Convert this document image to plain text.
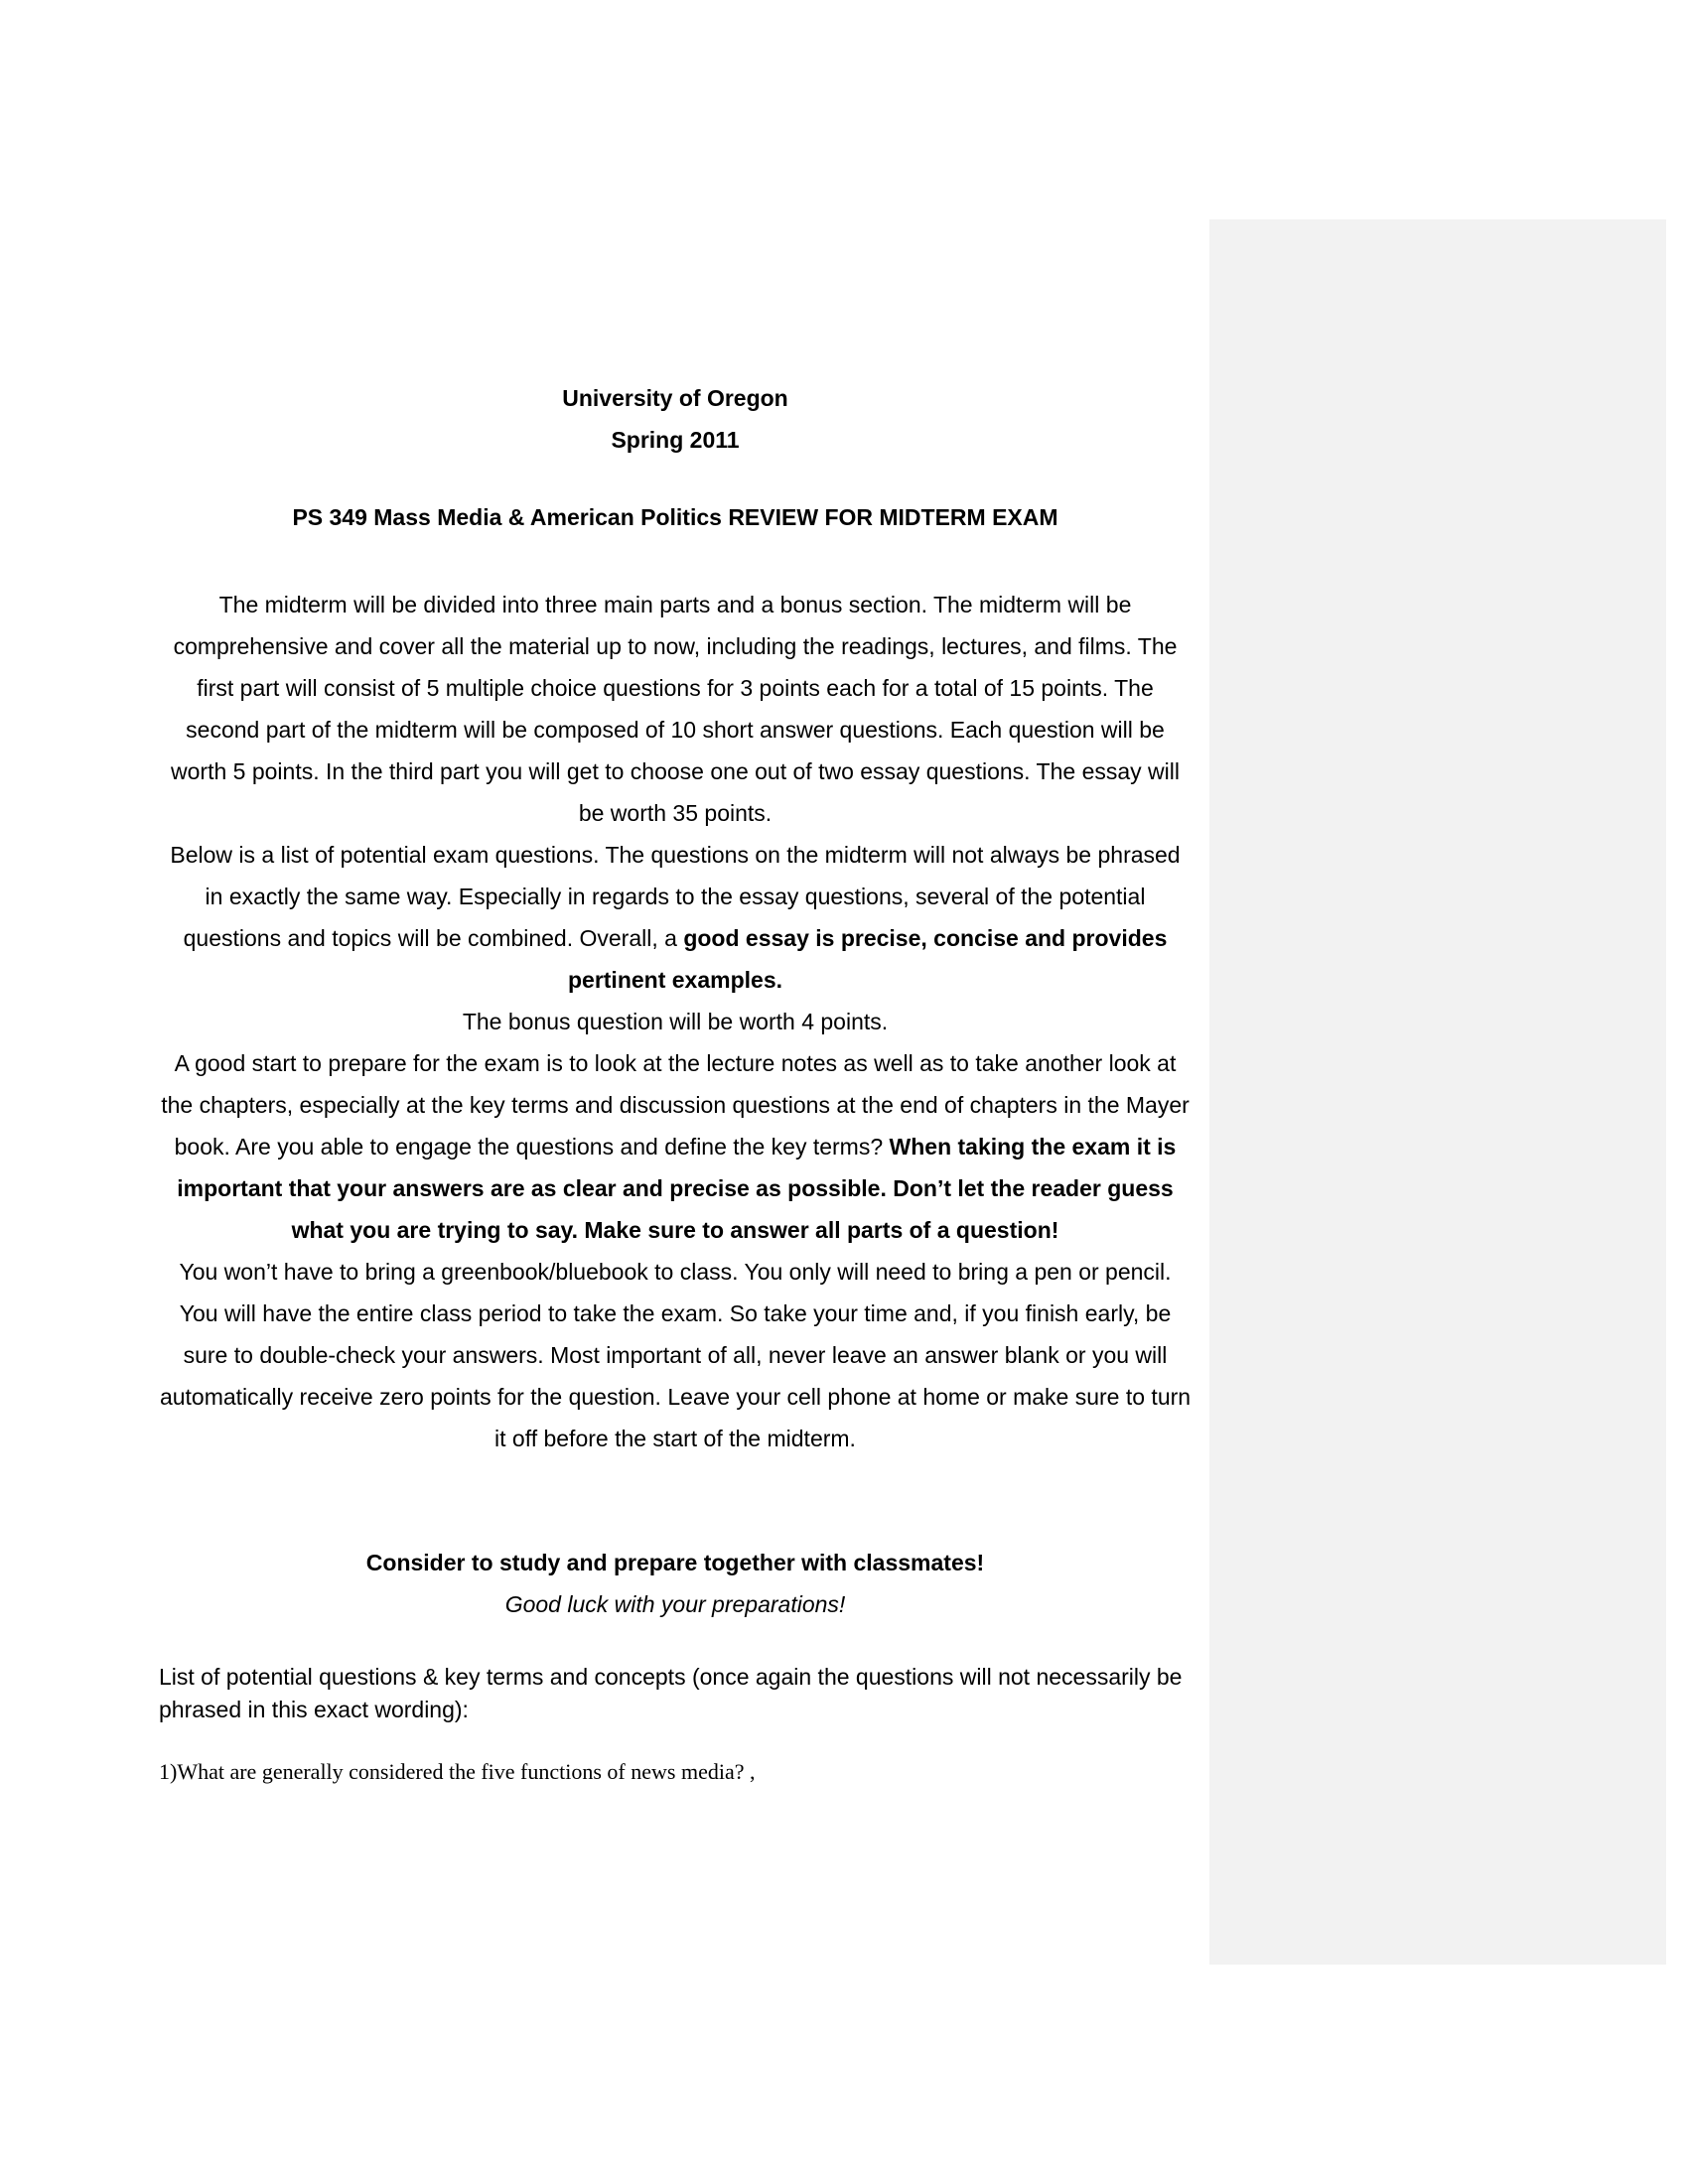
University of Oregon
Spring 2011
PS 349 Mass Media & American Politics REVIEW FOR MIDTERM EXAM

The midterm will be divided into three main parts and a bonus section. The midterm will be comprehensive and cover all the material up to now, including the readings, lectures, and films. The first part will consist of 5 multiple choice questions for 3 points each for a total of 15 points. The second part of the midterm will be composed of 10 short answer questions. Each question will be worth 5 points. In the third part you will get to choose one out of two essay questions. The essay will be worth 35 points.

Below is a list of potential exam questions. The questions on the midterm will not always be phrased in exactly the same way. Especially in regards to the essay questions, several of the potential questions and topics will be combined. Overall, a good essay is precise, concise and provides pertinent examples.

The bonus question will be worth 4 points.

A good start to prepare for the exam is to look at the lecture notes as well as to take another look at the chapters, especially at the key terms and discussion questions at the end of chapters in the Mayer book. Are you able to engage the questions and define the key terms? When taking the exam it is important that your answers are as clear and precise as possible. Don’t let the reader guess what you are trying to say. Make sure to answer all parts of a question!

You won’t have to bring a greenbook/bluebook to class. You only will need to bring a pen or pencil. You will have the entire class period to take the exam. So take your time and, if you finish early, be sure to double-check your answers. Most important of all, never leave an answer blank or you will automatically receive zero points for the question. Leave your cell phone at home or make sure to turn it off before the start of the midterm.

Consider to study and prepare together with classmates!
Good luck with your preparations!
List of potential questions & key terms and concepts (once again the questions will not necessarily be phrased in this exact wording):
1)What are generally considered the five functions of news media? ,
